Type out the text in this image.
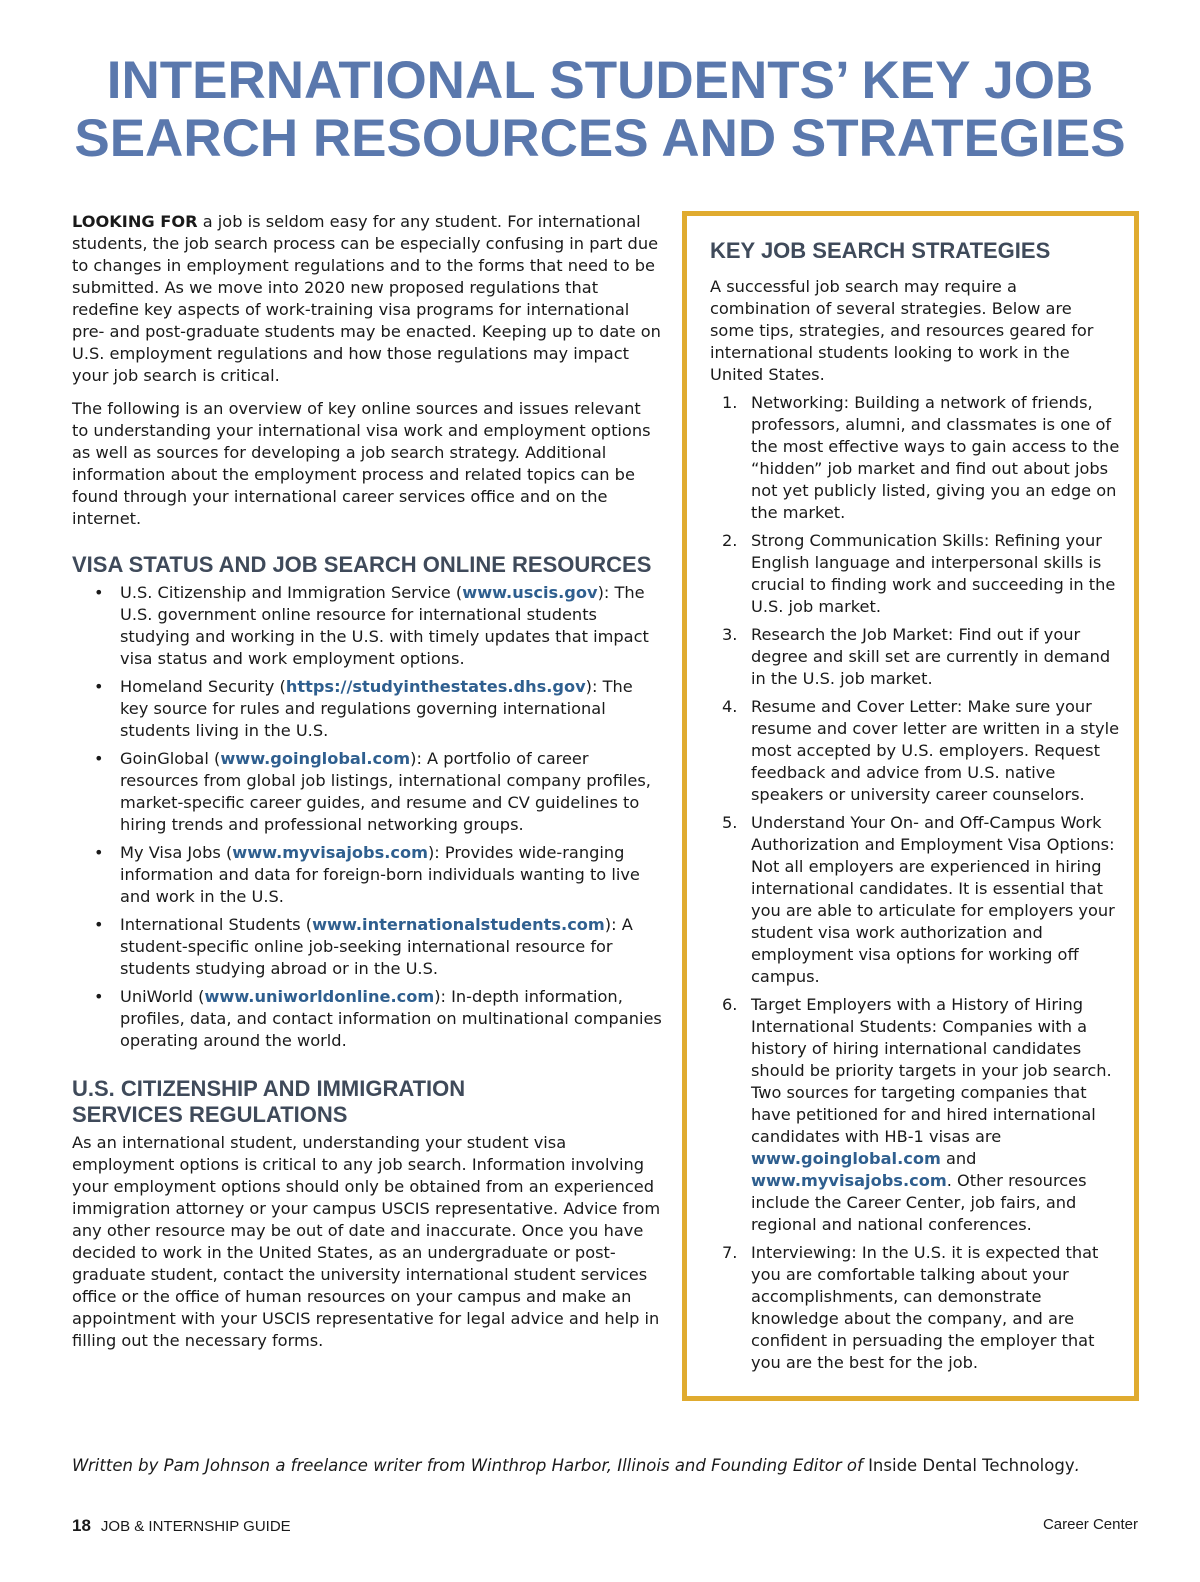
INTERNATIONAL STUDENTS’ KEY JOB
SEARCH RESOURCES AND STRATEGIES

LOOKING FOR a job is seldom easy for any student. For international students, the job search process can be especially confusing in part due to changes in employment regulations and to the forms that need to be submitted. As we move into 2020 new proposed regulations that redefine key aspects of work-training visa programs for international pre- and post-graduate students may be enacted. Keeping up to date on U.S. employment regulations and how those regulations may impact your job search is critical.

The following is an overview of key online sources and issues relevant to understanding your international visa work and employment options as well as sources for developing a job search strategy. Additional information about the employment process and related topics can be found through your international career services office and on the internet.

VISA STATUS AND JOB SEARCH ONLINE RESOURCES
• U.S. Citizenship and Immigration Service (www.uscis.gov): The U.S. government online resource for international students studying and working in the U.S. with timely updates that impact visa status and work employment options.
• Homeland Security (https://studyinthestates.dhs.gov): The key source for rules and regulations governing international students living in the U.S.
• GoinGlobal (www.goinglobal.com): A portfolio of career resources from global job listings, international company profiles, market-specific career guides, and resume and CV guidelines to hiring trends and professional networking groups.
• My Visa Jobs (www.myvisajobs.com): Provides wide-ranging information and data for foreign-born individuals wanting to live and work in the U.S.
• International Students (www.internationalstudents.com): A student-specific online job-seeking international resource for students studying abroad or in the U.S.
• UniWorld (www.uniworldonline.com): In-depth information, profiles, data, and contact information on multinational companies operating around the world.
U.S. CITIZENSHIP AND IMMIGRATION
SERVICES REGULATIONS

As an international student, understanding your student visa employment options is critical to any job search. Information involving your employment options should only be obtained from an experienced immigration attorney or your campus USCIS representative. Advice from any other resource may be out of date and inaccurate. Once you have decided to work in the United States, as an undergraduate or post-graduate student, contact the university international student services office or the office of human resources on your campus and make an appointment with your USCIS representative for legal advice and help in filling out the necessary forms.

KEY JOB SEARCH STRATEGIES

A successful job search may require a combination of several strategies. Below are some tips, strategies, and resources geared for international students looking to work in the United States.

1. Networking: Building a network of friends, professors, alumni, and classmates is one of the most effective ways to gain access to the “hidden” job market and find out about jobs not yet publicly listed, giving you an edge on the market.
2. Strong Communication Skills: Refining your English language and interpersonal skills is crucial to finding work and succeeding in the U.S. job market.
3. Research the Job Market: Find out if your degree and skill set are currently in demand in the U.S. job market.
4. Resume and Cover Letter: Make sure your resume and cover letter are written in a style most accepted by U.S. employers. Request feedback and advice from U.S. native speakers or university career counselors.
5. Understand Your On- and Off-Campus Work Authorization and Employment Visa Options: Not all employers are experienced in hiring international candidates. It is essential that you are able to articulate for employers your student visa work authorization and employment visa options for working off campus.
6. Target Employers with a History of Hiring International Students: Companies with a history of hiring international candidates should be priority targets in your job search. Two sources for targeting companies that have petitioned for and hired international candidates with HB-1 visas are www.goinglobal.com and www.myvisajobs.com. Other resources include the Career Center, job fairs, and regional and national conferences.
7. Interviewing: In the U.S. it is expected that you are comfortable talking about your accomplishments, can demonstrate knowledge about the company, and are confident in persuading the employer that you are the best for the job.
Written by Pam Johnson a freelance writer from Winthrop Harbor, Illinois and Founding Editor of Inside Dental Technology.
18 JOB & INTERNSHIP GUIDE	Career Center
